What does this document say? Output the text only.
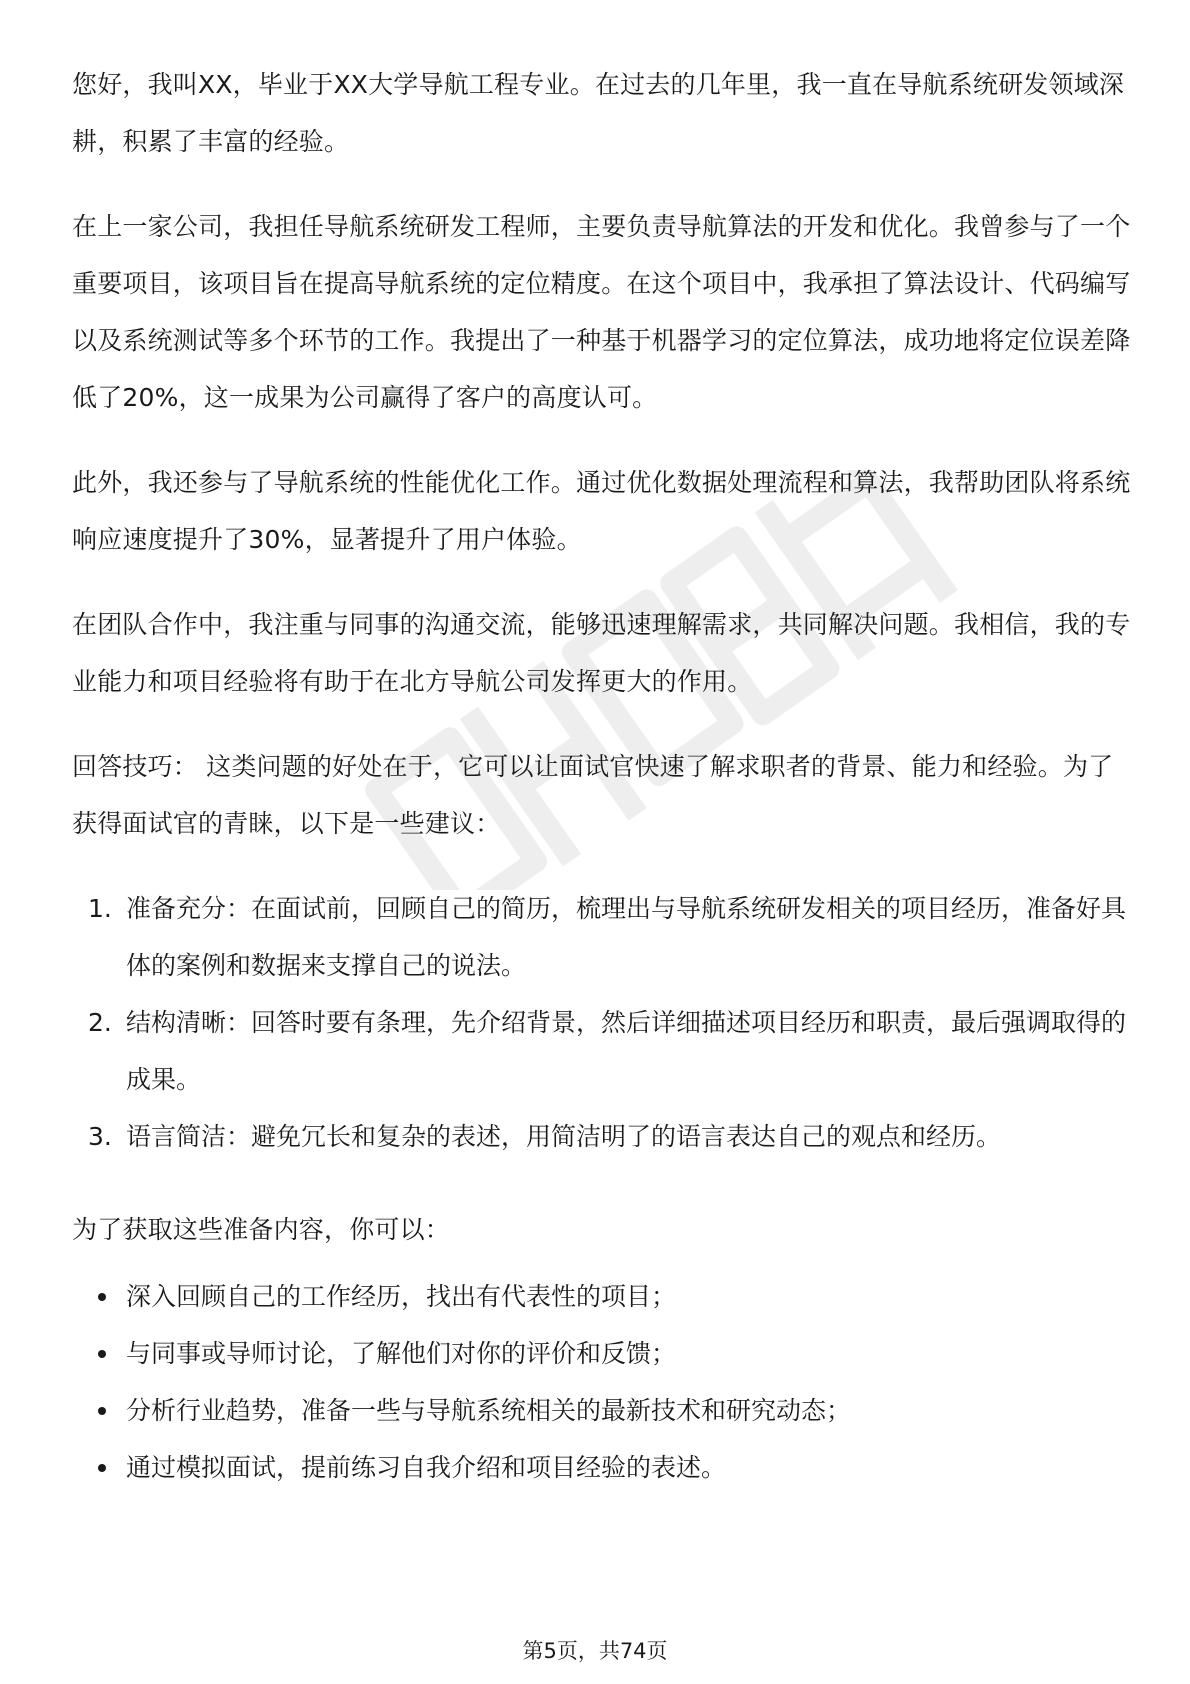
您好，我叫XX，毕业于XX大学导航工程专业。在过去的几年里，我一直在导航系统研发领域深耕，积累了丰富的经验。

在上一家公司，我担任导航系统研发工程师，主要负责导航算法的开发和优化。我曾参与了一个重要项目，该项目旨在提高导航系统的定位精度。在这个项目中，我承担了算法设计、代码编写以及系统测试等多个环节的工作。我提出了一种基于机器学习的定位算法，成功地将定位误差降低了20%，这一成果为公司赢得了客户的高度认可。

此外，我还参与了导航系统的性能优化工作。通过优化数据处理流程和算法，我帮助团队将系统响应速度提升了30%，显著提升了用户体验。

在团队合作中，我注重与同事的沟通交流，能够迅速理解需求，共同解决问题。我相信，我的专业能力和项目经验将有助于在北方导航公司发挥更大的作用。

回答技巧： 这类问题的好处在于，它可以让面试官快速了解求职者的背景、能力和经验。为了获得面试官的青睐，以下是一些建议：

1. 准备充分：在面试前，回顾自己的简历，梳理出与导航系统研发相关的项目经历，准备好具体的案例和数据来支撑自己的说法。
2. 结构清晰：回答时要有条理，先介绍背景，然后详细描述项目经历和职责，最后强调取得的成果。
3. 语言简洁：避免冗长和复杂的表述，用简洁明了的语言表达自己的观点和经历。

为了获取这些准备内容，你可以：

深入回顾自己的工作经历，找出有代表性的项目；
与同事或导师讨论，了解他们对你的评价和反馈；
分析行业趋势，准备一些与导航系统相关的最新技术和研究动态；
通过模拟面试，提前练习自我介绍和项目经验的表述。
第5页，共74页
